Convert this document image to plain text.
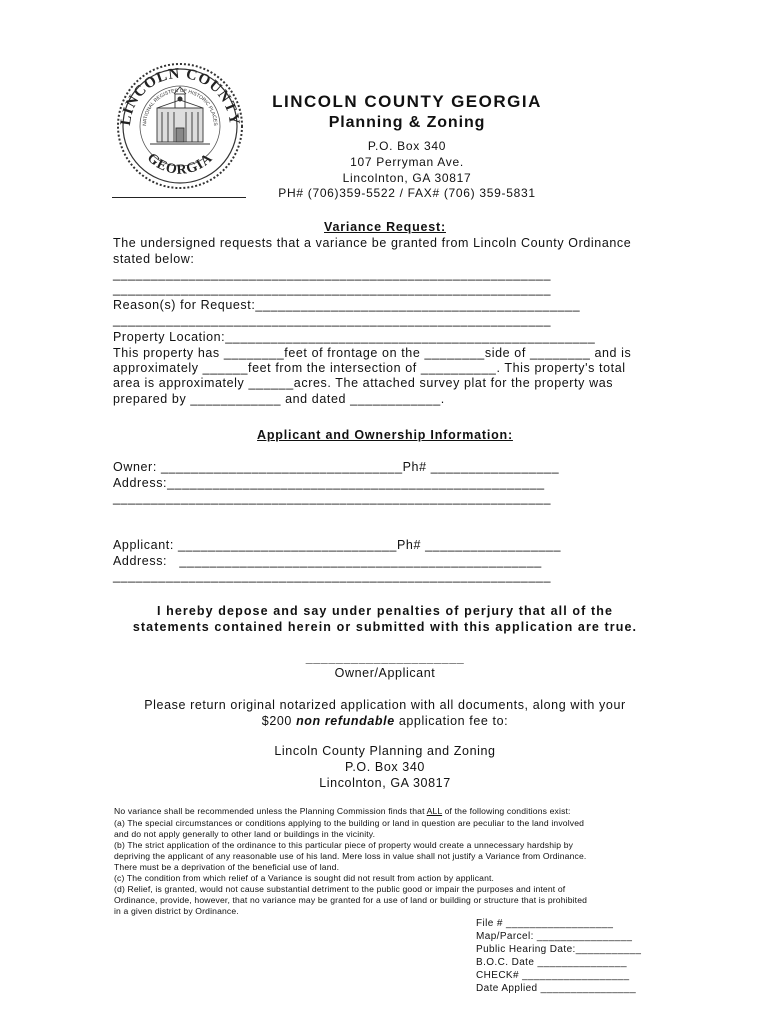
LINCOLN COUNTY
GEORGIA
NATIONAL REGISTER OF HISTORIC PLACES
LINCOLN COUNTY GEORGIA
Planning & Zoning
P.O. Box 340
107 Perryman Ave.
Lincolnton, GA 30817
PH# (706)359-5522 / FAX# (706) 359-5831
Variance Request:
The undersigned requests that a variance be granted from Lincoln County Ordinance
stated below:
__________________________________________________________
__________________________________________________________
Reason(s) for Request:___________________________________________
__________________________________________________________
Property Location:_________________________________________________
This property has ________feet of frontage on the ________side of ________ and is
approximately ______feet from the intersection of __________. This property's total
area is approximately ______acres. The attached survey plat for the property was
prepared by ____________ and dated ____________.
Applicant and Ownership Information:
Owner: ________________________________Ph# _________________
Address:__________________________________________________
__________________________________________________________
Applicant: _____________________________Ph# __________________
Address:   ________________________________________________
__________________________________________________________
I hereby depose and say under penalties of perjury that all of the
statements contained herein or submitted with this application are true.
_____________________
Owner/Applicant
Please return original notarized application with all documents, along with your
$200 non refundable application fee to:
Lincoln County Planning and Zoning
P.O. Box 340
Lincolnton, GA 30817
No variance shall be recommended unless the Planning Commission finds that ALL of the following conditions exist:
(a) The special circumstances or conditions applying to the building or land in question are peculiar to the land involved
and do not apply generally to other land or buildings in the vicinity.
(b) The strict application of the ordinance to this particular piece of property would create a unnecessary hardship by
depriving the applicant of any reasonable use of his land. Mere loss in value shall not justify a Variance from Ordinance.
There must be a deprivation of the beneficial use of land.
(c) The condition from which relief of a Variance is sought did not result from action by applicant.
(d) Relief, is granted, would not cause substantial detriment to the public good or impair the purposes and intent of
Ordinance, provide, however, that no variance may be granted for a use of land or building or structure that is prohibited
in a given district by Ordinance.
File # __________________
Map/Parcel: ________________
Public Hearing Date:___________
B.O.C. Date _______________
CHECK# __________________
Date Applied ________________
